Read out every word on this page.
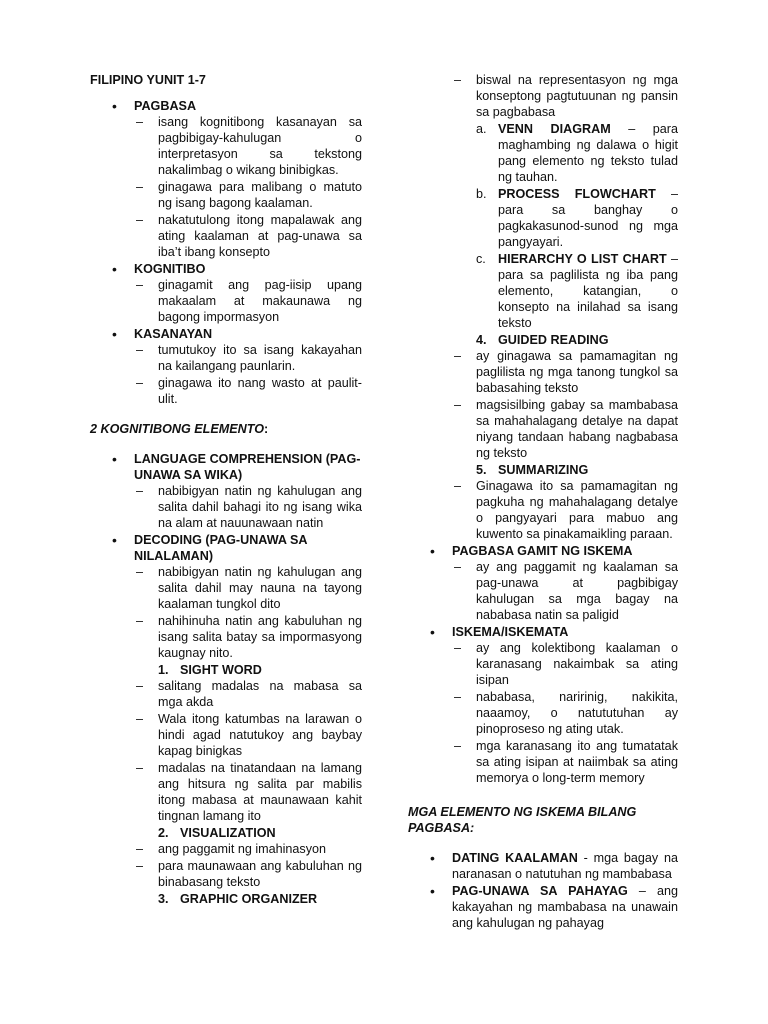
FILIPINO YUNIT 1-7
• PAGBASA
– isang kognitibong kasanayan sa pagbibigay-kahulugan o interpretasyon sa tekstong nakalimbag o wikang binibigkas.
– ginagawa para malibang o matuto ng isang bagong kaalaman.
– nakatutulong itong mapalawak ang ating kaalaman at pag-unawa sa iba’t ibang konsepto
• KOGNITIBO
– ginagamit ang pag-iisip upang makaalam at makaunawa ng bagong impormasyon
• KASANAYAN
– tumutukoy ito sa isang kakayahan na kailangang paunlarin.
– ginagawa ito nang wasto at paulit-ulit.
2 KOGNITIBONG ELEMENTO:
• LANGUAGE COMPREHENSION (PAG-UNAWA SA WIKA)
– nabibigyan natin ng kahulugan ang salita dahil bahagi ito ng isang wika na alam at nauunawaan natin
• DECODING (PAG-UNAWA SA NILALAMAN)
– nabibigyan natin ng kahulugan ang salita dahil may nauna na tayong kaalaman tungkol dito
– nahihinuha natin ang kabuluhan ng isang salita batay sa impormasyong kaugnay nito.
1. SIGHT WORD
– salitang madalas na mabasa sa mga akda
– Wala itong katumbas na larawan o hindi agad natutukoy ang baybay kapag binigkas
– madalas na tinatandaan na lamang ang hitsura ng salita par mabilis itong mabasa at maunawaan kahit tingnan lamang ito
2. VISUALIZATION
– ang paggamit ng imahinasyon
– para maunawaan ang kabuluhan ng binabasang teksto
3. GRAPHIC ORGANIZER
– biswal na representasyon ng mga konseptong pagtutuunan ng pansin sa pagbabasa
a. VENN DIAGRAM – para maghambing ng dalawa o higit pang elemento ng teksto tulad ng tauhan.
b. PROCESS FLOWCHART – para sa banghay o pagkakasunod-sunod ng mga pangyayari.
c. HIERARCHY O LIST CHART – para sa paglilista ng iba pang elemento, katangian, o konsepto na inilahad sa isang teksto
4. GUIDED READING
– ay ginagawa sa pamamagitan ng paglilista ng mga tanong tungkol sa babasahing teksto
– magsisilbing gabay sa mambabasa sa mahahalagang detalye na dapat niyang tandaan habang nagbabasa ng teksto
5. SUMMARIZING
– Ginagawa ito sa pamamagitan ng pagkuha ng mahahalagang detalye o pangyayari para mabuo ang kuwento sa pinakamaikling paraan.
• PAGBASA GAMIT NG ISKEMA
– ay ang paggamit ng kaalaman sa pag-unawa at pagbibigay kahulugan sa mga bagay na nababasa natin sa paligid
• ISKEMA/ISKEMATA
– ay ang kolektibong kaalaman o karanasang nakaimbak sa ating isipan
– nababasa, naririnig, nakikita, naaamoy, o natututuhan ay pinoproseso ng ating utak.
– mga karanasang ito ang tumatatak sa ating isipan at naiimbak sa ating memorya o long-term memory
MGA ELEMENTO NG ISKEMA BILANG PAGBASA:
• DATING KAALAMAN - mga bagay na naranasan o natutuhan ng mambabasa
• PAG-UNAWA SA PAHAYAG – ang kakayahan ng mambabasa na unawain ang kahulugan ng pahayag
